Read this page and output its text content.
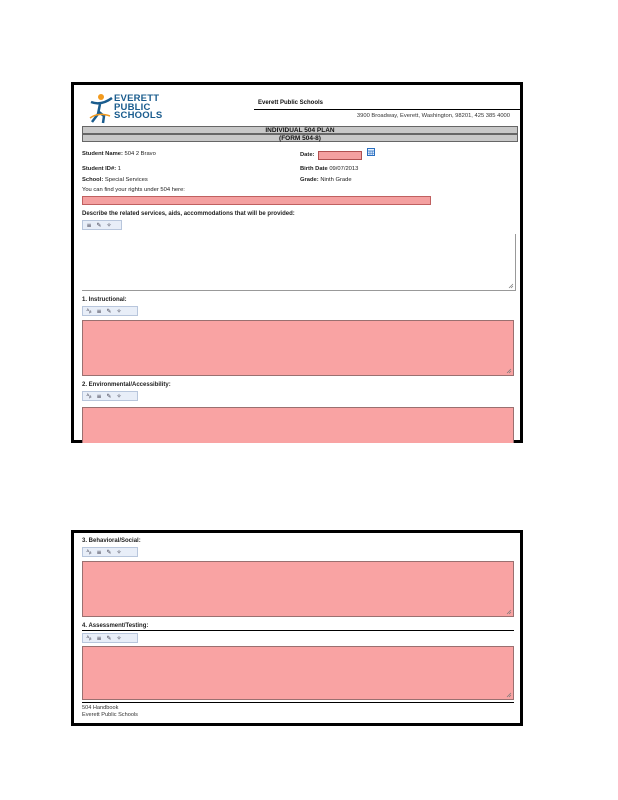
EVERETT
PUBLIC
SCHOOLS
Everett Public Schools
3900 Broadway, Everett, Washington, 98201, 425 385 4000
INDIVIDUAL 504 PLAN
(FORM 504-8)
Student Name: 504 2 Bravo	Date:
Student ID#: 1	Birth Date 09/07/2013
School: Special Services	Grade: Ninth Grade
You can find your rights under 504 here:
Describe the related services, aids, accommodations that will be provided:
≡ ✎ ✧
1. Instructional:
ᴬᵦ ≡ ✎ ✧
2. Environmental/Accessibility:
ᴬᵦ ≡ ✎ ✧
3. Behavioral/Social:
ᴬᵦ ≡ ✎ ✧
4. Assessment/Testing:
ᴬᵦ ≡ ✎ ✧
504 Handbook
Everett Public Schools
